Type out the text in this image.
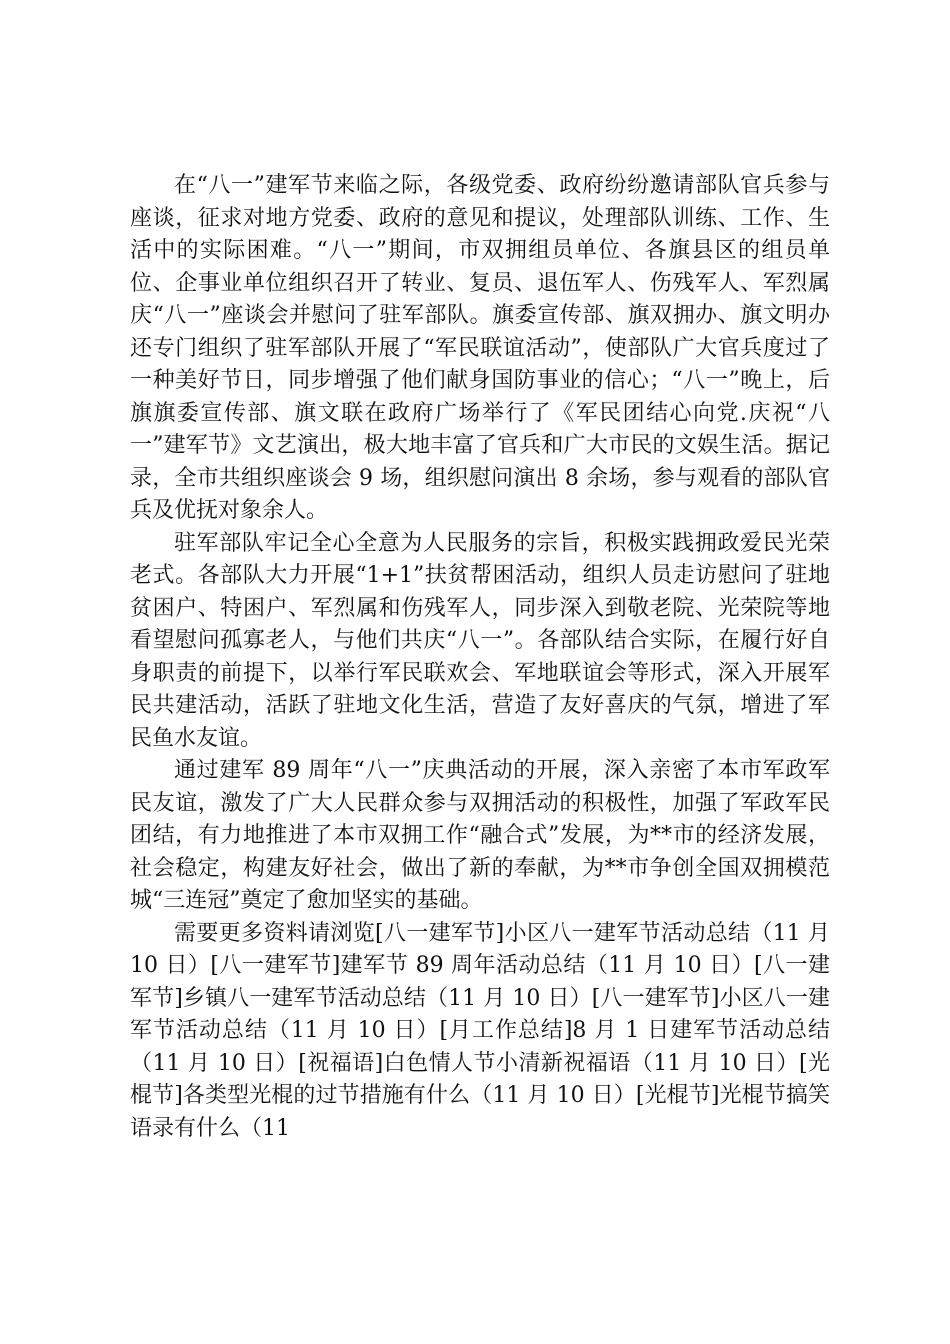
在“八一”建军节来临之际，各级党委、政府纷纷邀请部队官兵参与座谈，征求对地方党委、政府的意见和提议，处理部队训练、工作、生活中的实际困难。“八一”期间，市双拥组员单位、各旗县区的组员单位、企事业单位组织召开了转业、复员、退伍军人、伤残军人、军烈属庆“八一”座谈会并慰问了驻军部队。旗委宣传部、旗双拥办、旗文明办还专门组织了驻军部队开展了“军民联谊活动”，使部队广大官兵度过了一种美好节日，同步增强了他们献身国防事业的信心；“八一”晚上，后旗旗委宣传部、旗文联在政府广场举行了《军民团结心向党.庆祝“八一”建军节》文艺演出，极大地丰富了官兵和广大市民的文娱生活。据记录，全市共组织座谈会 9 场，组织慰问演出 8 余场，参与观看的部队官兵及优抚对象余人。

驻军部队牢记全心全意为人民服务的宗旨，积极实践拥政爱民光荣老式。各部队大力开展“1+1”扶贫帮困活动，组织人员走访慰问了驻地贫困户、特困户、军烈属和伤残军人，同步深入到敬老院、光荣院等地看望慰问孤寡老人，与他们共庆“八一”。各部队结合实际，在履行好自身职责的前提下，以举行军民联欢会、军地联谊会等形式，深入开展军民共建活动，活跃了驻地文化生活，营造了友好喜庆的气氛，增进了军民鱼水友谊。

通过建军 89 周年“八一”庆典活动的开展，深入亲密了本市军政军民友谊，激发了广大人民群众参与双拥活动的积极性，加强了军政军民团结，有力地推进了本市双拥工作“融合式”发展，为**市的经济发展，社会稳定，构建友好社会，做出了新的奉献，为**市争创全国双拥模范城“三连冠”奠定了愈加坚实的基础。

需要更多资料请浏览[八一建军节]小区八一建军节活动总结（11 月 10 日）[八一建军节]建军节 89 周年活动总结（11 月 10 日）[八一建军节]乡镇八一建军节活动总结（11 月 10 日）[八一建军节]小区八一建军节活动总结（11 月 10 日）[月工作总结]8 月 1 日建军节活动总结（11 月 10 日）[祝福语]白色情人节小清新祝福语（11 月 10 日）[光棍节]各类型光棍的过节措施有什么（11 月 10 日）[光棍节]光棍节搞笑语录有什么（11
